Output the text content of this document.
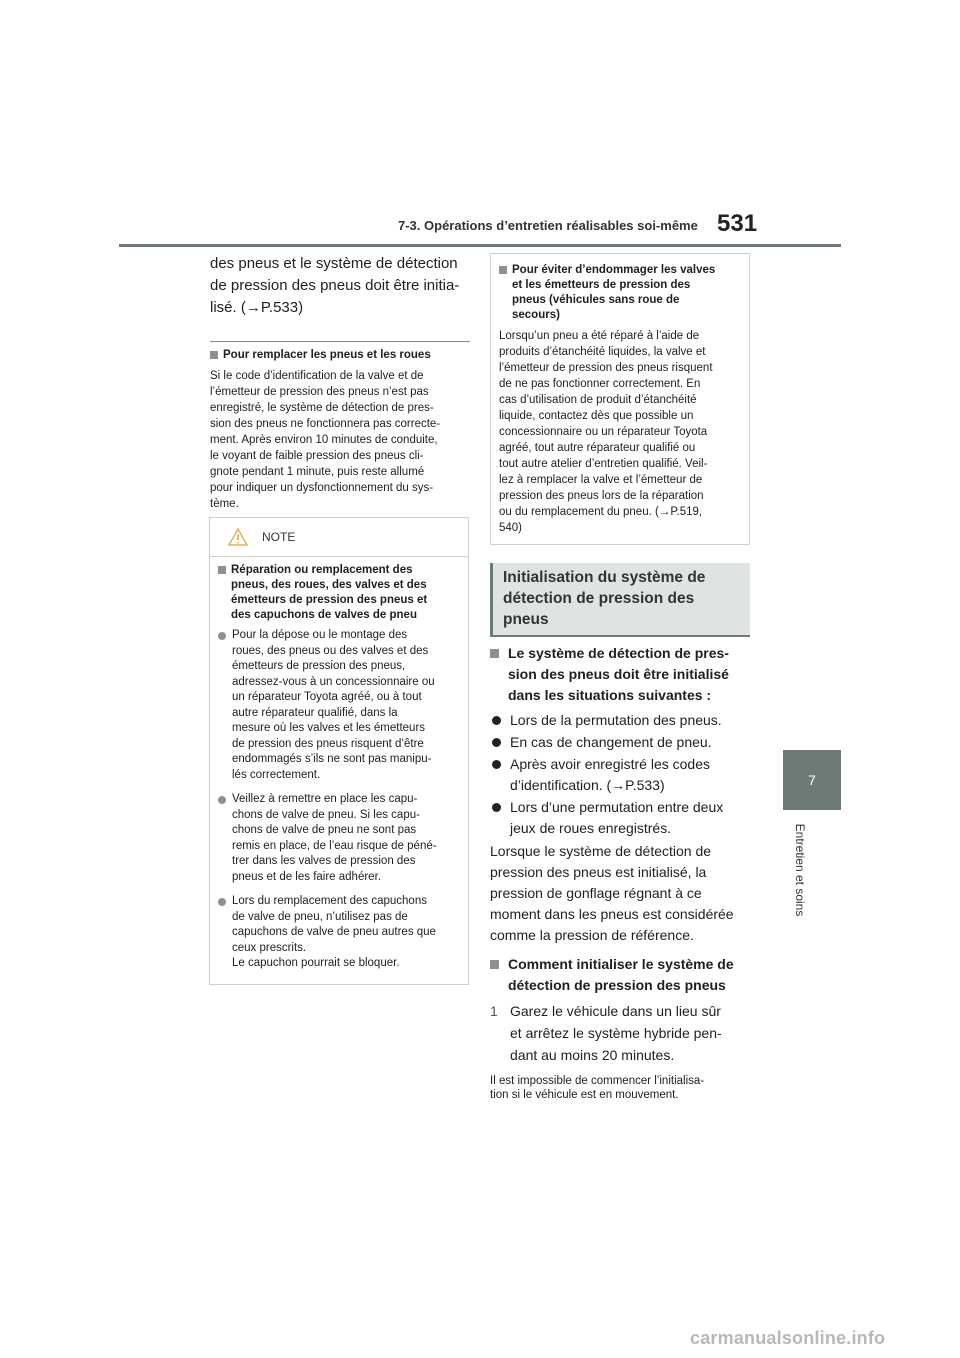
7-3. Opérations d’entretien réalisables soi-même 531
7
Entretien et soins

des pneus et le système de détection

de pression des pneus doit être initia-

lisé. (→P.533)

Pour remplacer les pneus et les roues

Si le code d’identification de la valve et de

l’émetteur de pression des pneus n’est pas

enregistré, le système de détection de pres-

sion des pneus ne fonctionnera pas correcte-

ment. Après environ 10 minutes de conduite,

le voyant de faible pression des pneus cli-

gnote pendant 1 minute, puis reste allumé

pour indiquer un dysfonctionnement du sys-

tème.

NOTE
Réparation ou remplacement des
pneus, des roues, des valves et des
émetteurs de pression des pneus et
des capuchons de valves de pneu
Pour la dépose ou le montage des
roues, des pneus ou des valves et des
émetteurs de pression des pneus,
adressez-vous à un concessionnaire ou
un réparateur Toyota agréé, ou à tout
autre réparateur qualifié, dans la
mesure où les valves et les émetteurs
de pression des pneus risquent d’être
endommagés s’ils ne sont pas manipu-
lés correctement.
Veillez à remettre en place les capu-
chons de valve de pneu. Si les capu-
chons de valve de pneu ne sont pas
remis en place, de l’eau risque de péné-
trer dans les valves de pression des
pneus et de les faire adhérer.
Lors du remplacement des capuchons
de valve de pneu, n’utilisez pas de
capuchons de valve de pneu autres que
ceux prescrits.
Le capuchon pourrait se bloquer.
Pour éviter d’endommager les valves
et les émetteurs de pression des
pneus (véhicules sans roue de
secours)

Lorsqu’un pneu a été réparé à l’aide de

produits d’étanchéité liquides, la valve et

l’émetteur de pression des pneus risquent

de ne pas fonctionner correctement. En

cas d’utilisation de produit d’étanchéité

liquide, contactez dès que possible un

concessionnaire ou un réparateur Toyota

agréé, tout autre réparateur qualifié ou

tout autre atelier d’entretien qualifié. Veil-

lez à remplacer la valve et l’émetteur de

pression des pneus lors de la réparation

ou du remplacement du pneu. (→P.519,

540)

Initialisation du système de
détection de pression des
pneus
Le système de détection de pres-
sion des pneus doit être initialisé
dans les situations suivantes :
Lors de la permutation des pneus.
En cas de changement de pneu.
Après avoir enregistré les codes
d’identification. (→P.533)
Lors d’une permutation entre deux
jeux de roues enregistrés.
Lorsque le système de détection de
pression des pneus est initialisé, la
pression de gonflage régnant à ce
moment dans les pneus est considérée
comme la pression de référence.
Comment initialiser le système de
détection de pression des pneus
1 Garez le véhicule dans un lieu sûr
et arrêtez le système hybride pen-
dant au moins 20 minutes.
Il est impossible de commencer l’initialisa-
tion si le véhicule est en mouvement.
carmanualsonline.info
